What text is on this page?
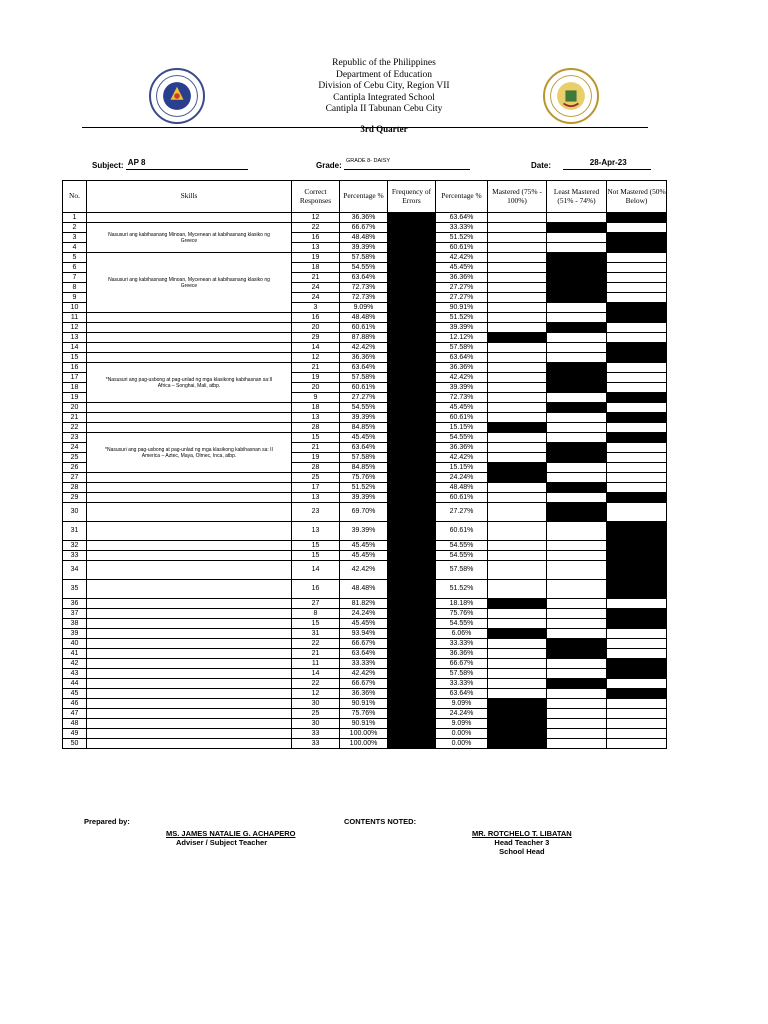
Republic of the Philippines
Department of Education
Division of Cebu City, Region VII
Cantipla Integrated School
Cantipla II Tabunan Cebu City
3rd Quarter
Subject: AP 8	Grade: GRADE 8- DAISY	Date:	28-Apr-23
No.	Skills	Correct Responses	Percentage %	Frequency of Errors	Percentage %	Mastered (75% - 100%)	Least Mastered (51% - 74%)	Not Mastered (50% Below)
1		12	36.36%		63.64%			
2	Nasusuri ang kabihasnang Minoan, Mycenean at kabihasnang klasiko ng Greece	22	66.67%		33.33%			
3		16	48.48%		51.52%			
4		13	39.39%		60.61%			
5	Nasusuri ang kabihasnang Minoan, Mycenean at kabihasnang klasiko ng Greece	19	57.58%		42.42%			
6		18	54.55%		45.45%			
7		21	63.64%		36.36%			
8		24	72.73%		27.27%			
9		24	72.73%		27.27%			
10		3	9.09%		90.91%			
11		16	48.48%		51.52%			
12		20	60.61%		39.39%			
13		29	87.88%		12.12%			
14		14	42.42%		57.58%			
15		12	36.36%		63.64%			
16	*Nasusuri ang pag-usbong at pag-unlad ng mga klasikong kabihasnan sa:II Africa – Songhai, Mali, atbp.	21	63.64%		36.36%			
17		19	57.58%		42.42%			
18		20	60.61%		39.39%			
19		9	27.27%		72.73%			
20		18	54.55%		45.45%			
21		13	39.39%		60.61%			
22		28	84.85%		15.15%			
23	*Nasusuri ang pag-usbong at pag-unlad ng mga klasikong kabihasnan sa: II America – Aztec, Maya, Olmec, Inca, atbp.	15	45.45%		54.55%			
24		21	63.64%		36.36%			
25		19	57.58%		42.42%			
26		28	84.85%		15.15%			
27		25	75.76%		24.24%			
28		17	51.52%		48.48%			
29		13	39.39%		60.61%			
30		23	69.70%		27.27%			
31		13	39.39%		60.61%			
32		15	45.45%		54.55%			
33		15	45.45%		54.55%			
34		14	42.42%		57.58%			
35		16	48.48%		51.52%			
36		27	81.82%		18.18%			
37		8	24.24%		75.76%			
38		15	45.45%		54.55%			
39		31	93.94%		6.06%			
40		22	66.67%		33.33%			
41		21	63.64%		36.36%			
42		11	33.33%		66.67%			
43		14	42.42%		57.58%			
44		22	66.67%		33.33%			
45		12	36.36%		63.64%			
46		30	90.91%		9.09%			
47		25	75.76%		24.24%			
48		30	90.91%		9.09%			
49		33	100.00%		0.00%			
50		33	100.00%		0.00%			
Prepared by:
MS. JAMES NATALIE G. ACHAPERO
Adviser / Subject Teacher
CONTENTS NOTED:
MR. ROTCHELO T. LIBATAN
Head Teacher 3
School Head
